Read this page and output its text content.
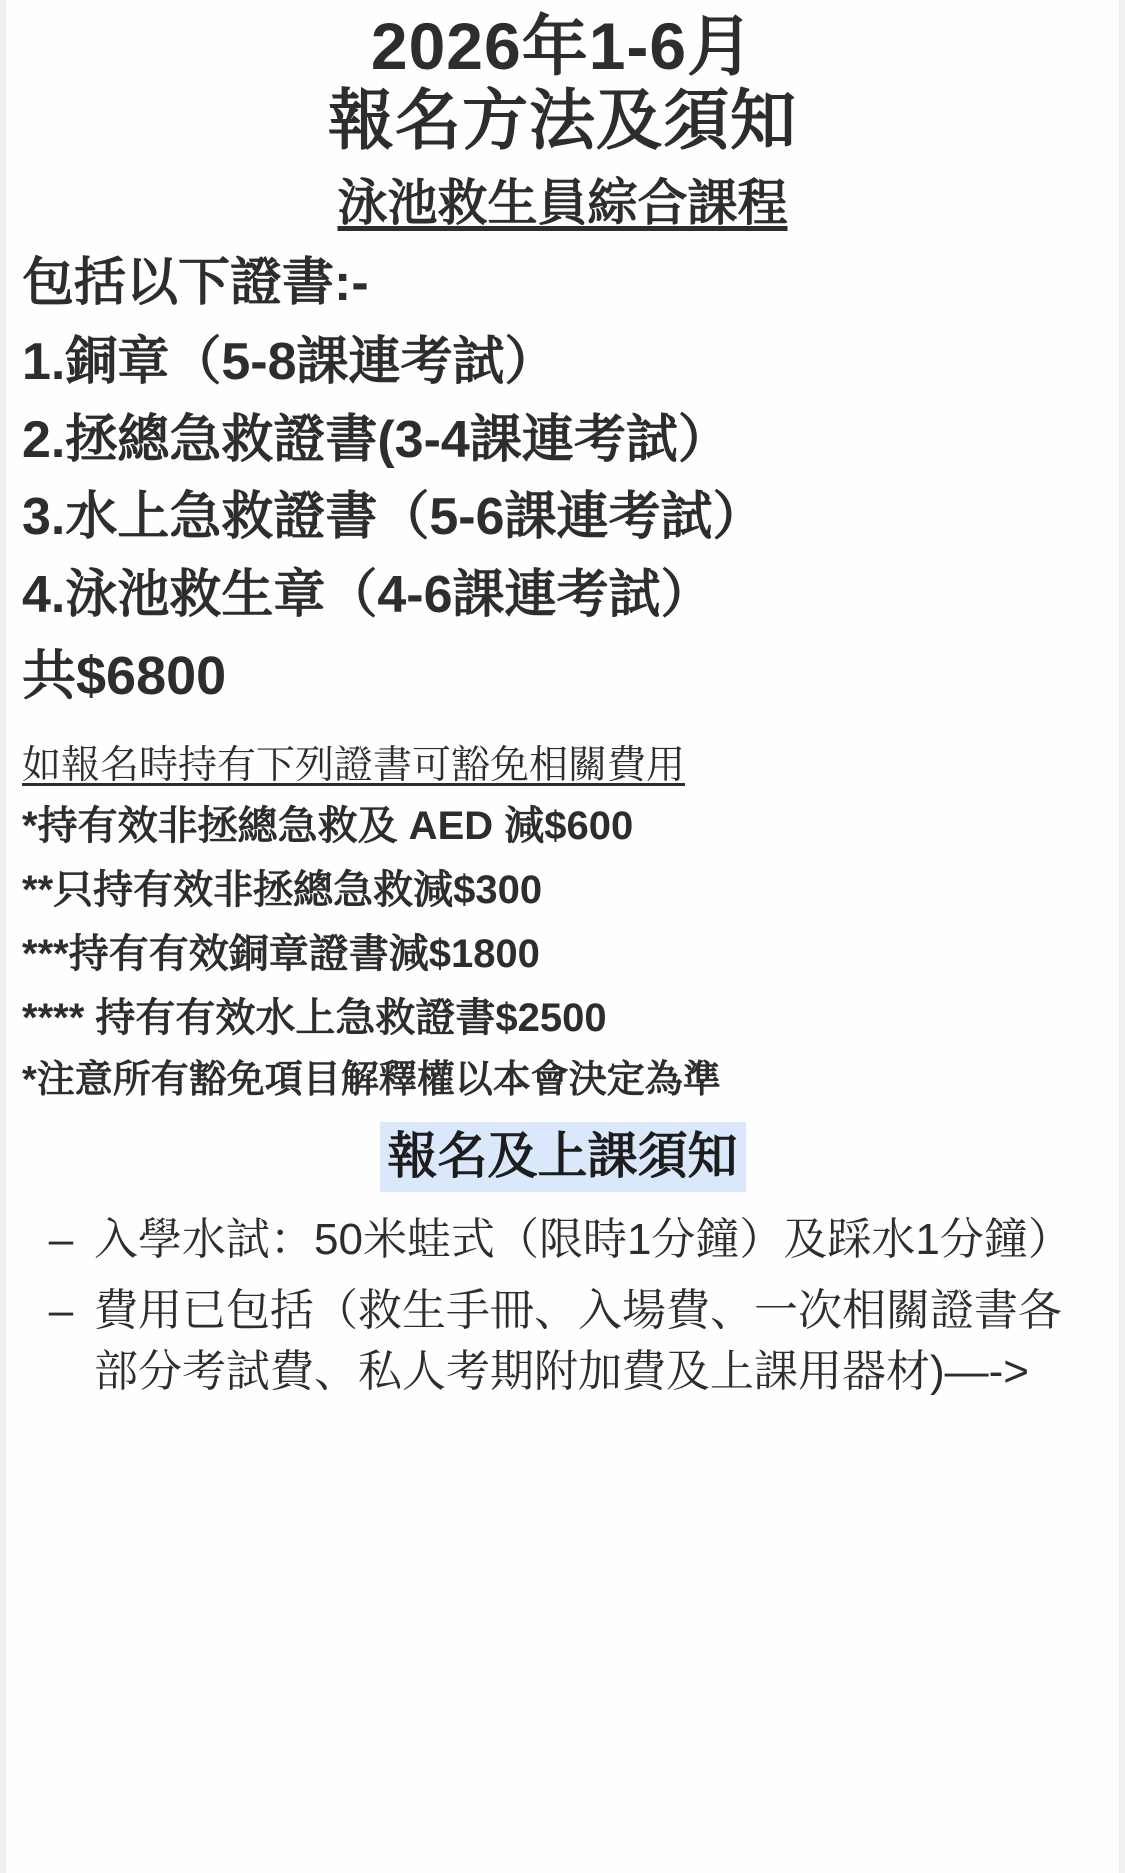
2026年1-6月
報名方法及須知
泳池救生員綜合課程
包括以下證書:-
1.銅章（5-8課連考試）
2.拯總急救證書(3-4課連考試）
3.水上急救證書（5-6課連考試）
4.泳池救生章（4-6課連考試）
共$6800
如報名時持有下列證書可豁免相關費用
*持有效非拯總急救及 AED 減$600
**只持有效非拯總急救減$300
***持有有效銅章證書減$1800
**** 持有有效水上急救證書$2500
*注意所有豁免項目解釋權以本會決定為準
報名及上課須知
– 入學水試：50米蛙式（限時1分鐘）及踩水1分鐘）
– 費用已包括（救生手冊、入場費、一次相關證書各部分考試費、私人考期附加費及上課用器材)—->
